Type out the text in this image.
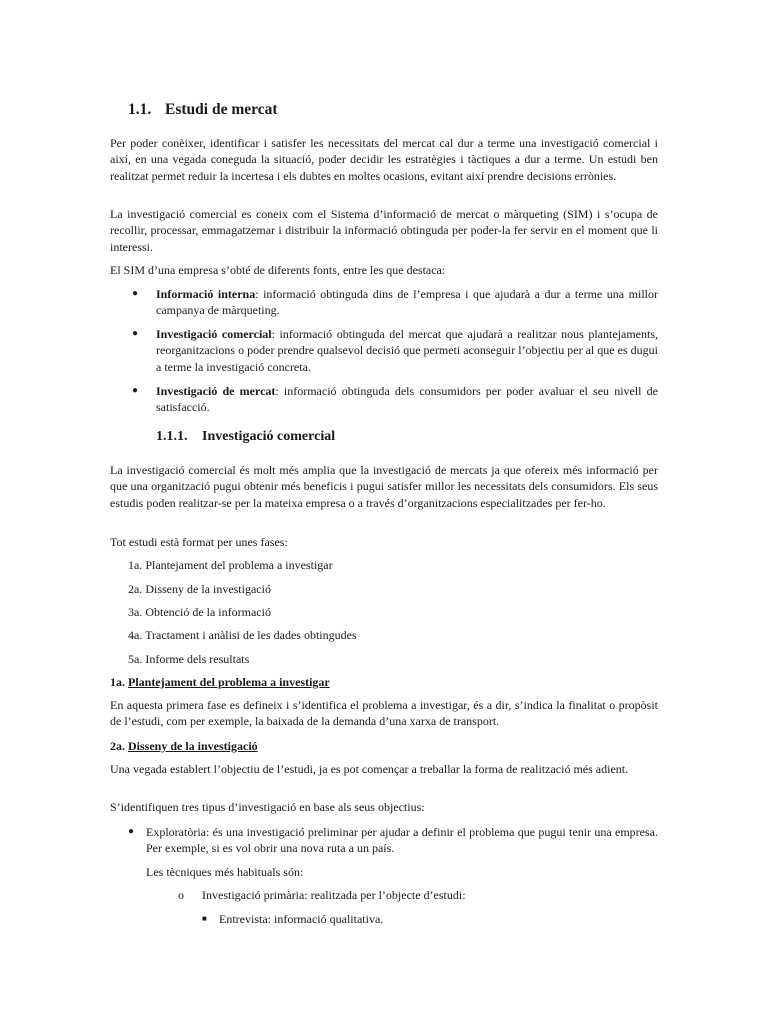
1.1. Estudi de mercat

Per poder conèixer, identificar i satisfer les necessitats del mercat cal dur a terme una investigació comercial i així, en una vegada coneguda la situació, poder decidir les estratègies i tàctiques a dur a terme. Un estudi ben realitzat permet reduir la incertesa i els dubtes en moltes ocasions, evitant així prendre decisions errònies.

La investigació comercial es coneix com el Sistema d’informació de mercat o màrqueting (SIM) i s’ocupa de recollir, processar, emmagatzemar i distribuir la informació obtinguda per poder-la fer servir en el moment que li interessi.

El SIM d’una empresa s’obté de diferents fonts, entre les que destaca:

● Informació interna: informació obtinguda dins de l’empresa i que ajudarà a dur a terme una millor campanya de màrqueting.

● Investigació comercial: informació obtinguda del mercat que ajudarà a realitzar nous plantejaments, reorganitzacions o poder prendre qualsevol decisió que permeti aconseguir l’objectiu per al que es dugui a terme la investigació concreta.

● Investigació de mercat: informació obtinguda dels consumidors per poder avaluar el seu nivell de satisfacció.

1.1.1. Investigació comercial

La investigació comercial és molt més amplia que la investigació de mercats ja que ofereix més informació per que una organització pugui obtenir més beneficis i pugui satisfer millor les necessitats dels consumidors. Els seus estudis poden realitzar-se per la mateixa empresa o a través d’organitzacions especialitzades per fer-ho.

Tot estudi està format per unes fases:

1a. Plantejament del problema a investigar

2a. Disseny de la investigació

3a. Obtenció de la informació

4a. Tractament i anàlisi de les dades obtingudes

5a. Informe dels resultats

1a. Plantejament del problema a investigar

En aquesta primera fase es defineix i s’identifica el problema a investigar, és a dir, s’indica la finalitat o propòsit de l’estudi, com per exemple, la baixada de la demanda d’una xarxa de transport.

2a. Disseny de la investigació

Una vegada establert l’objectiu de l’estudi, ja es pot començar a treballar la forma de realització més adient.

S’identifiquen tres tipus d’investigació en base als seus objectius:

● Exploratòria: és una investigació preliminar per ajudar a definir el problema que pugui tenir una empresa. Per exemple, si es vol obrir una nova ruta a un país.

Les tècniques més habituals són:

o Investigació primària: realitzada per l’objecte d’estudi:

■ Entrevista: informació qualitativa.
